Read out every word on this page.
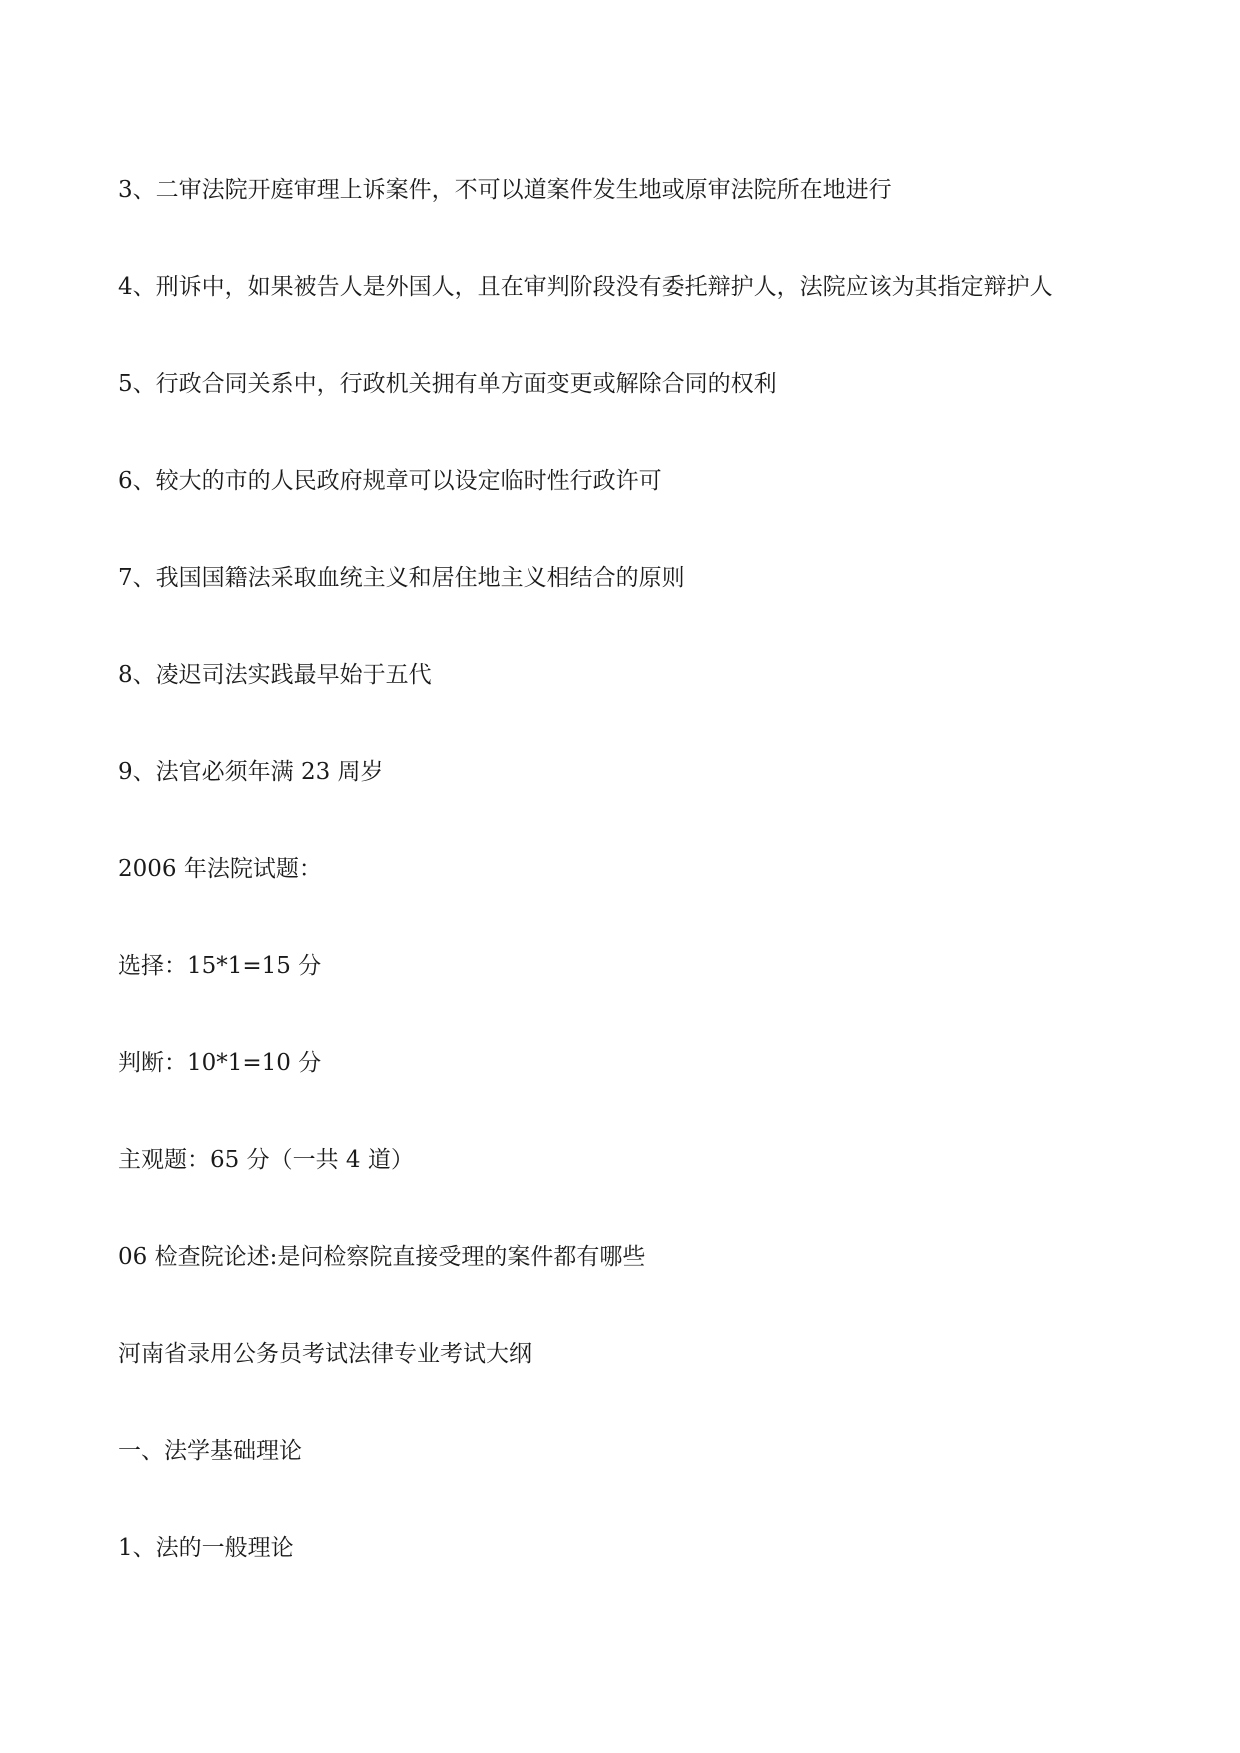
3、二审法院开庭审理上诉案件，不可以道案件发生地或原审法院所在地进行

4、刑诉中，如果被告人是外国人，且在审判阶段没有委托辩护人，法院应该为其指定辩护人

5、行政合同关系中，行政机关拥有单方面变更或解除合同的权利

6、较大的市的人民政府规章可以设定临时性行政许可

7、我国国籍法采取血统主义和居住地主义相结合的原则

8、凌迟司法实践最早始于五代

9、法官必须年满 23 周岁

2006 年法院试题：

选择：15*1=15 分

判断：10*1=10 分

主观题：65 分（一共 4 道）

06 检查院论述:是问检察院直接受理的案件都有哪些

河南省录用公务员考试法律专业考试大纲

一、法学基础理论

1、法的一般理论
